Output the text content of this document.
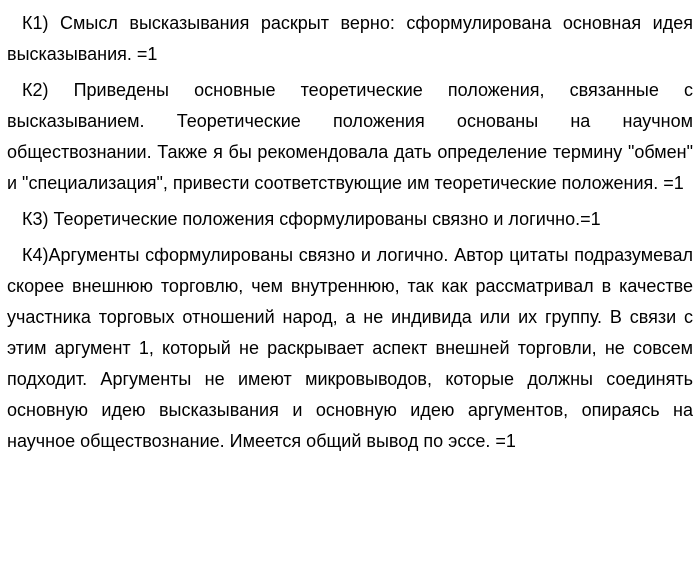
К1) Смысл высказывания раскрыт верно: сформулирована основная идея высказывания. =1

К2) Приведены основные теоретические положения, связанные с высказыванием. Теоретические положения основаны на научном обществознании. Также я бы рекомендовала дать определение термину "обмен" и "специализация", привести соответствующие им теоретические положения. =1

К3) Теоретические положения сформулированы связно и логично.=1

К4)Аргументы сформулированы связно и логично. Автор цитаты подразумевал скорее внешнюю торговлю, чем внутреннюю, так как рассматривал в качестве участника торговых отношений народ, а не индивида или их группу. В связи с этим аргумент 1, который не раскрывает аспект внешней торговли, не совсем подходит. Аргументы не имеют микровыводов, которые должны соединять основную идею высказывания и основную идею аргументов, опираясь на научное обществознание. Имеется общий вывод по эссе. =1
